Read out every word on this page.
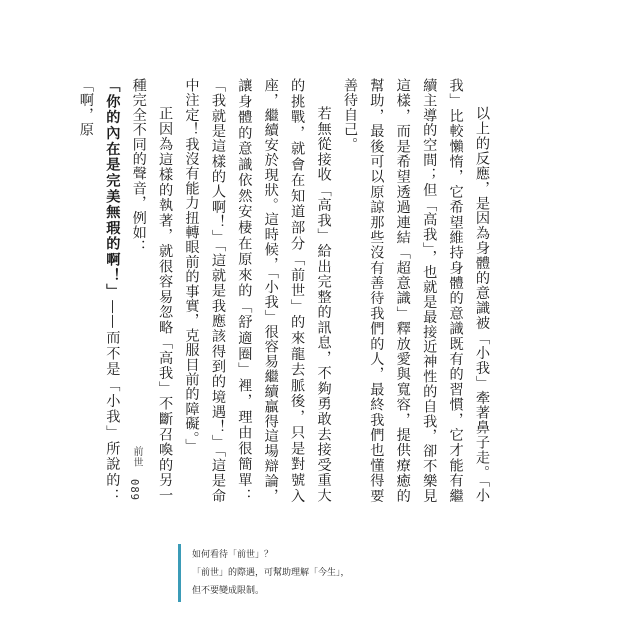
以上的反應，是因為身體的意識被「小我」牽著鼻子走。「小我」比較懶惰，它希望維持身體的意識既有的習慣，它才能有繼續主導的空間；但「高我」，也就是最接近神性的自我，卻不樂見這樣，而是希望透過連結「超意識」釋放愛與寬容，提供療癒的幫助，最後可以原諒那些沒有善待我們的人，最終我們也懂得要善待自己。

若無從接收「高我」給出完整的訊息，不夠勇敢去接受重大的挑戰，就會在知道部分「前世」的來龍去脈後，只是對號入座，繼續安於現狀。這時候，「小我」很容易繼續贏得這場辯論，讓身體的意識依然安棲在原來的「舒適圈」裡，理由很簡單：「我就是這樣的人啊！」「這就是我應該得到的境遇！」「這是命中注定！我沒有能力扭轉眼前的事實，克服目前的障礙。」

正因為這樣的執著，就很容易忽略「高我」不斷召喚的另一種完全不同的聲音，例如：

「你的內在是完美無瑕的啊！」——而不是「小我」所說的：「啊，原

前世
089
如何看待「前世」？
「前世」的際遇，可幫助理解「今生」，
但不要變成限制。
